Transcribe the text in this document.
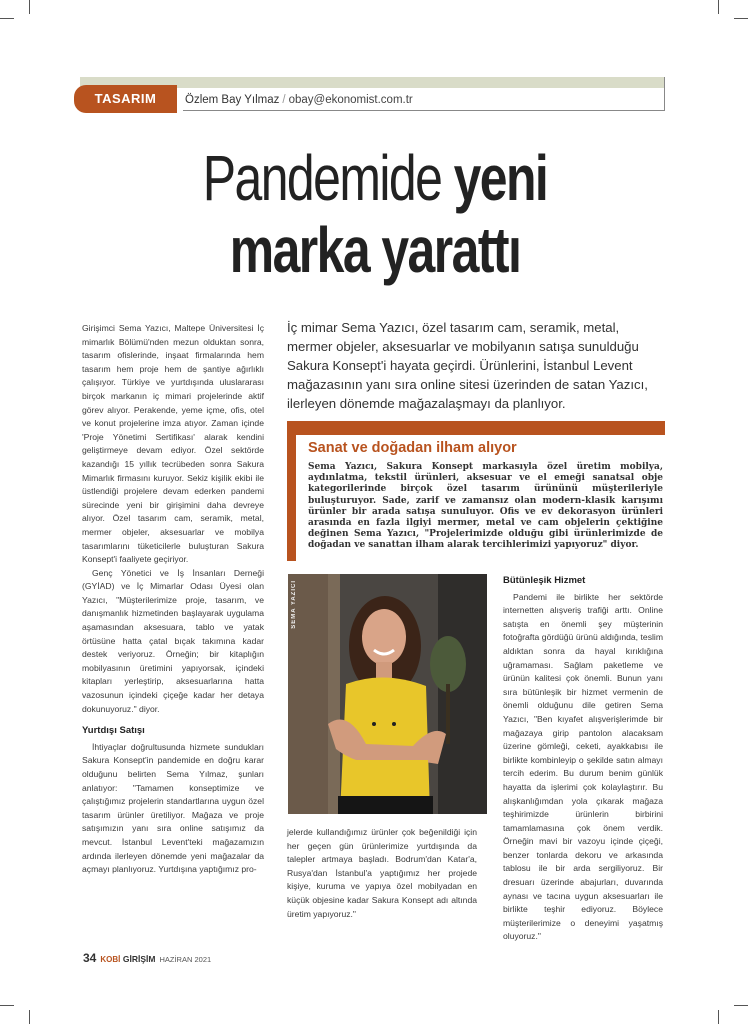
TASARIM	Özlem Bay Yılmaz / obay@ekonomist.com.tr
Pandemide yeni
marka yarattı
İç mimar Sema Yazıcı, özel tasarım cam, seramik, metal, mermer objeler, aksesuarlar ve mobilyanın satışa sunulduğu Sakura Konsept'i hayata geçirdi. Ürünlerini, İstanbul Levent mağazasının yanı sıra online sitesi üzerinden de satan Yazıcı, ilerleyen dönemde mağazalaşmayı da planlıyor.

Girişimci Sema Yazıcı, Maltepe Üniversitesi İç mimarlık Bölümü'nden mezun olduktan sonra, tasarım ofislerinde, inşaat firmalarında hem tasarım hem proje hem de şantiye ağırlıklı çalışıyor. Türkiye ve yurtdışında uluslararası birçok markanın iç mimari projelerinde aktif görev alıyor. Perakende, yeme içme, ofis, otel ve konut projelerine imza atıyor. Zaman içinde 'Proje Yönetimi Sertifikası' alarak kendini geliştirmeye devam ediyor. Özel sektörde kazandığı 15 yıllık tecrübeden sonra Sakura Mimarlık firmasını kuruyor. Sekiz kişilik ekibi ile üstlendiği projelere devam ederken pandemi sürecinde yeni bir girişimini daha devreye alıyor. Özel tasarım cam, seramik, metal, mermer objeler, aksesuarlar ve mobilya tasarımlarını tüketicilerle buluşturan Sakura Konsept'i faaliyete geçiriyor.

Genç Yönetici ve İş İnsanları Derneği (GYİAD) ve İç Mimarlar Odası Üyesi olan Yazıcı, "Müşterilerimize proje, tasarım, ve danışmanlık hizmetinden başlayarak uygulama aşamasından aksesuara, tablo ve yatak örtüsüne hatta çatal bıçak takımına kadar destek veriyoruz. Örneğin; bir kitaplığın mobilyasının üretimini yapıyorsak, içindeki kitapları yerleştirip, aksesuarlarına hatta vazosunun içindeki çiçeğe kadar her detaya dokunuyoruz." diyor.

Yurtdışı Satışı

İhtiyaçlar doğrultusunda hizmete sundukları Sakura Konsept'in pandemide en doğru karar olduğunu belirten Sema Yılmaz, şunları anlatıyor: "Tamamen konseptimize ve çalıştığımız projelerin standartlarına uygun özel tasarım ürünler üretiliyor. Mağaza ve proje satışımızın yanı sıra online satışımız da mevcut. İstanbul Levent'teki mağazamızın ardında ilerleyen dönemde yeni mağazalar da açmayı planlıyoruz. Yurtdışına yaptığımız pro-

Sanat ve doğadan ilham alıyor
Sema Yazıcı, Sakura Konsept markasıyla özel üretim mobilya, aydınlatma, tekstil ürünleri, aksesuar ve el emeği sanatsal obje kategorilerinde birçok özel tasarım ürününü müşterileriyle buluşturuyor. Sade, zarif ve zamansız olan modern-klasik karışımı ürünler bir arada satışa sunuluyor. Ofis ve ev dekorasyon ürünleri arasında en fazla ilgiyi mermer, metal ve cam objelerin çektiğine değinen Sema Yazıcı, "Projelerimizde olduğu gibi ürünlerimizde de doğadan ve sanattan ilham alarak tercihlerimizi yapıyoruz" diyor.
SEMA YAZICI

jelerde kullandığımız ürünler çok beğenildiği için her geçen gün ürünlerimize yurtdışında da talepler artmaya başladı. Bodrum'dan Katar'a, Rusya'dan İstanbul'a yaptığımız her projede kişiye, kuruma ve yapıya özel mobilyadan en küçük objesine kadar Sakura Konsept adı altında üretim yapıyoruz."

Bütünleşik Hizmet

Pandemi ile birlikte her sektörde internetten alışveriş trafiği arttı. Online satışta en önemli şey müşterinin fotoğrafta gördüğü ürünü aldığında, teslim aldıktan sonra da hayal kırıklığına uğramaması. Sağlam paketleme ve ürünün kalitesi çok önemli. Bunun yanı sıra bütünleşik bir hizmet vermenin de önemli olduğunu dile getiren Sema Yazıcı, "Ben kıyafet alışverişlerimde bir mağazaya girip pantolon alacaksam üzerine gömleği, ceketi, ayakkabısı ile birlikte kombinleyip o şekilde satın almayı tercih ederim. Bu durum benim günlük hayatta da işlerimi çok kolaylaştırır. Bu alışkanlığımdan yola çıkarak mağaza teşhirimizde ürünlerin birbirini tamamlamasına çok önem verdik. Örneğin mavi bir vazoyu içinde çiçeği, benzer tonlarda dekoru ve arkasında tablosu ile bir arda sergiliyoruz. Bir dresuarı üzerinde abajurları, duvarında aynası ve tacına uygun aksesuarları ile birlikte teşhir ediyoruz. Böylece müşterilerimize o deneyimi yaşatmış oluyoruz."

34 KOBİ GİRİŞİM HAZİRAN 2021
